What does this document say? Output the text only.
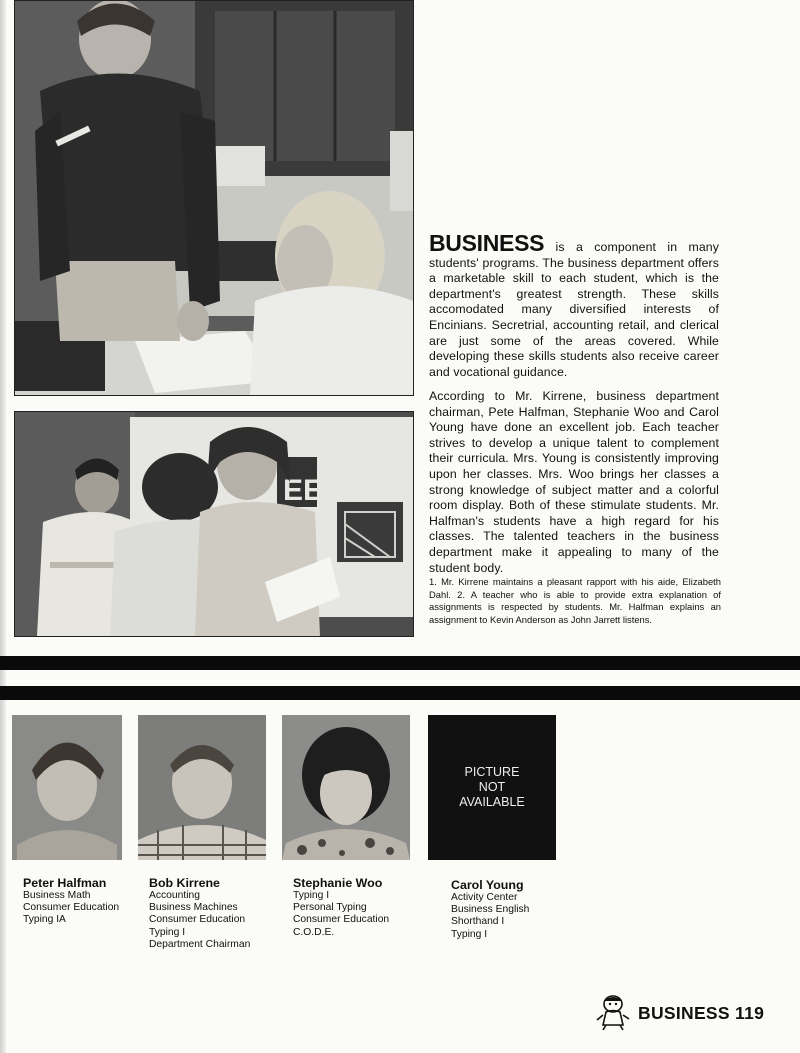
EE
BUSINESS is a component in many students' programs. The business department offers a marketable skill to each student, which is the department's greatest strength. These skills accomodated many diversified interests of Encinians. Secretrial, accounting retail, and clerical are just some of the areas covered. While developing these skills students also receive career and vocational guidance.
According to Mr. Kirrene, business department chairman, Pete Halfman, Stephanie Woo and Carol Young have done an excellent job. Each teacher strives to develop a unique talent to complement their curricula. Mrs. Young is consistently improving upon her classes. Mrs. Woo brings her classes a strong knowledge of subject matter and a colorful room display. Both of these stimulate students. Mr. Halfman's students have a high regard for his classes. The talented teachers in the business department make it appealing to many of the student body.
1. Mr. Kirrene maintains a pleasant rapport with his aide, Elizabeth Dahl. 2. A teacher who is able to provide extra explanation of assignments is respected by students. Mr. Halfman explains an assignment to Kevin Anderson as John Jarrett listens.
PICTURE
NOT
AVAILABLE
Peter Halfman
Business Math
Consumer Education
Typing IA
Bob Kirrene
Accounting
Business Machines
Consumer Education
Typing I
Department Chairman
Stephanie Woo
Typing I
Personal Typing
Consumer Education
C.O.D.E.
Carol Young
Activity Center
Business English
Shorthand I
Typing I
BUSINESS 119
